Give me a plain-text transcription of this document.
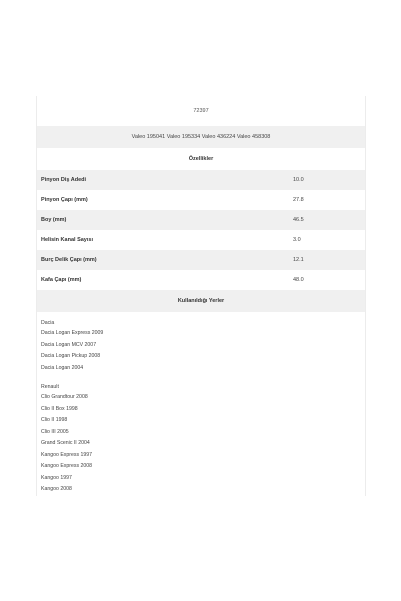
72397
Valeo 195041 Valeo 195334 Valeo 436224 Valeo 458308
Özellikler
Pinyon Diş Adedi	10.0
Pinyon Çapı (mm)	27.8
Boy (mm)	46.5
Helisin Kanal Sayısı	3.0
Burç Delik Çapı (mm)	12.1
Kafa Çapı (mm)	48.0
Kullanıldığı Yerler
Dacia
Dacia Logan Express 2009
Dacia Logan MCV 2007
Dacia Logan Pickup 2008
Dacia Logan 2004
Renault
Clio Grandtour 2008
Clio II Box 1998
Clio II 1998
Clio III 2005
Grand Scenic II 2004
Kangoo Express 1997
Kangoo Express 2008
Kangoo 1997
Kangoo 2008
